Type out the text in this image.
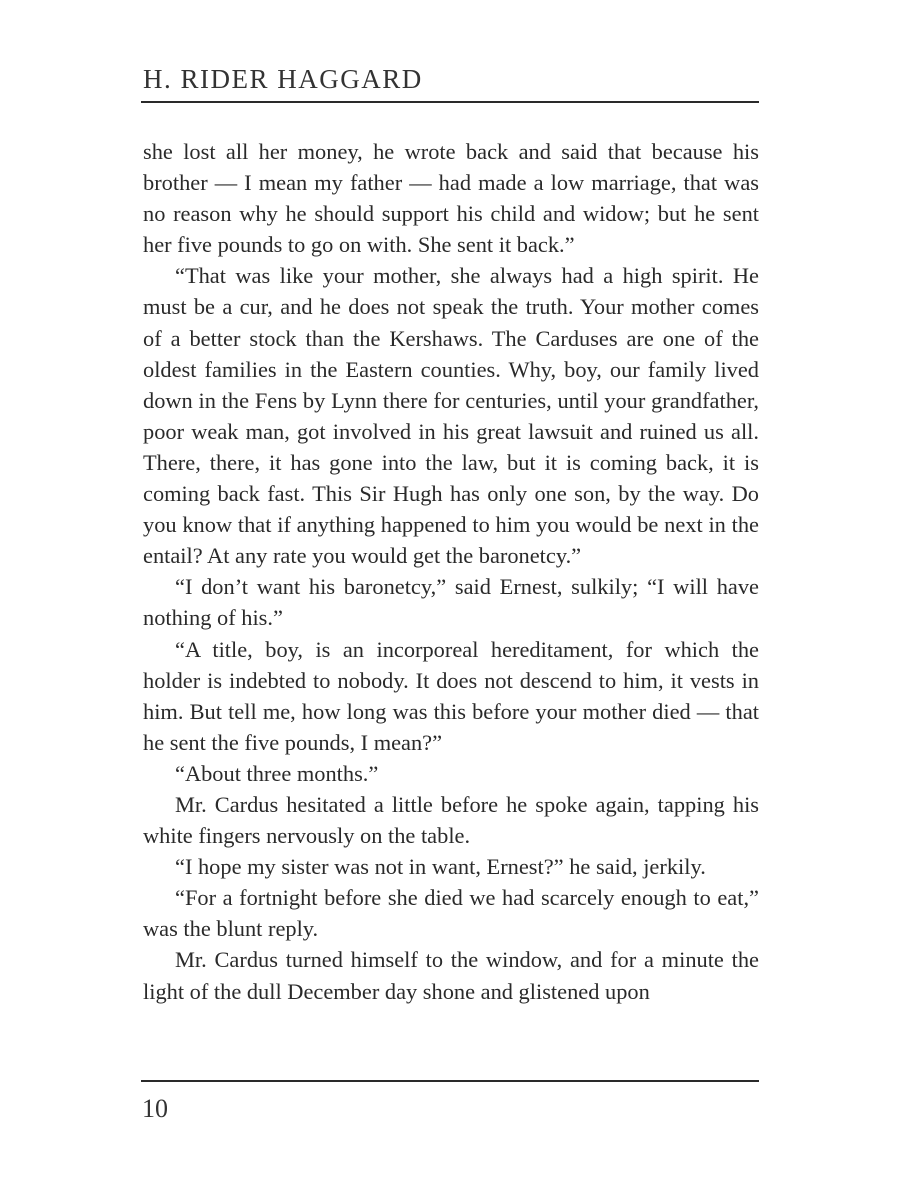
H. RIDER HAGGARD

she lost all her money, he wrote back and said that because his brother — I mean my father — had made a low marriage, that was no reason why he should support his child and widow; but he sent her five pounds to go on with. She sent it back.”

“That was like your mother, she always had a high spirit. He must be a cur, and he does not speak the truth. Your mother comes of a better stock than the Kershaws. The Carduses are one of the oldest families in the Eastern counties. Why, boy, our family lived down in the Fens by Lynn there for centuries, until your grandfather, poor weak man, got involved in his great lawsuit and ruined us all. There, there, it has gone into the law, but it is coming back, it is coming back fast. This Sir Hugh has only one son, by the way. Do you know that if anything happened to him you would be next in the entail? At any rate you would get the baronetcy.”

“I don’t want his baronetcy,” said Ernest, sulkily; “I will have nothing of his.”

“A title, boy, is an incorporeal hereditament, for which the holder is indebted to nobody. It does not descend to him, it vests in him. But tell me, how long was this before your mother died — that he sent the five pounds, I mean?”

“About three months.”

Mr. Cardus hesitated a little before he spoke again, tapping his white fingers nervously on the table.

“I hope my sister was not in want, Ernest?” he said, jerkily.

“For a fortnight before she died we had scarcely enough to eat,” was the blunt reply.

Mr. Cardus turned himself to the window, and for a minute the light of the dull December day shone and glistened upon

10
